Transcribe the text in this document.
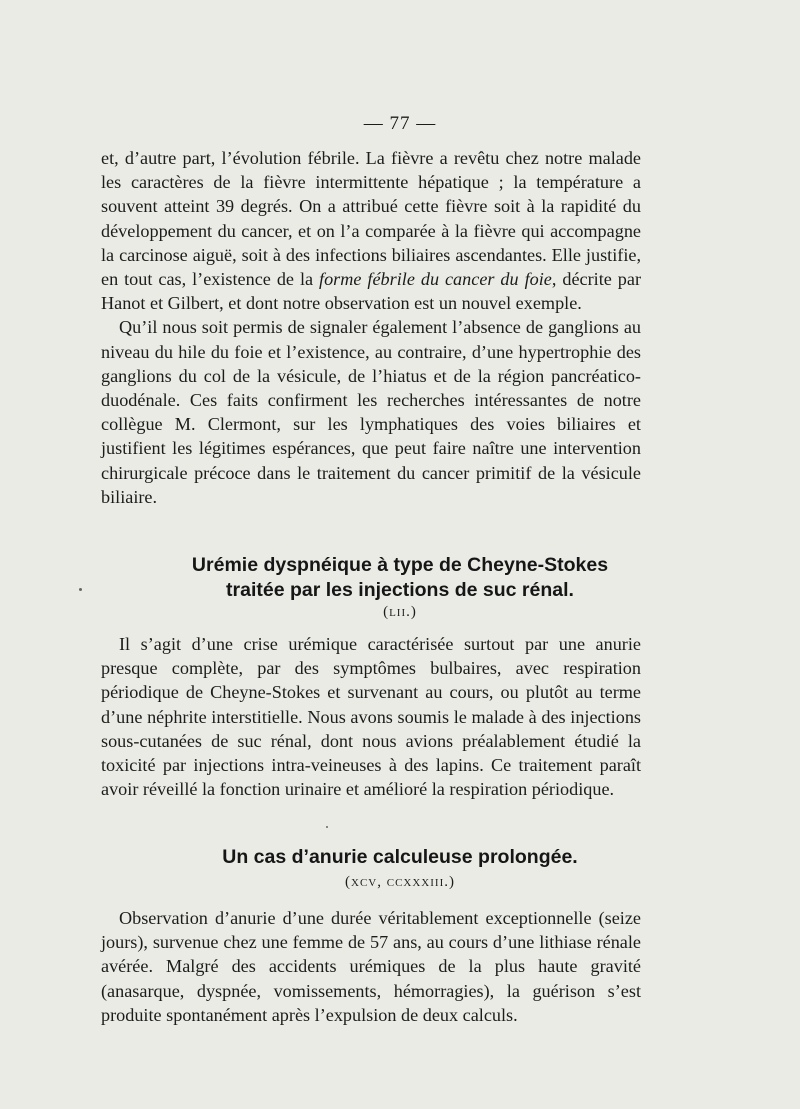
— 77 —

et, d’autre part, l’évolution fébrile. La fièvre a revêtu chez notre malade les caractères de la fièvre intermittente hépatique ; la température a souvent atteint 39 degrés. On a attribué cette fièvre soit à la rapidité du développement du cancer, et on l’a comparée à la fièvre qui accompagne la carcinose aiguë, soit à des infections biliaires ascendantes. Elle justifie, en tout cas, l’existence de la forme fébrile du cancer du foie, décrite par Hanot et Gilbert, et dont notre observation est un nouvel exemple.

Qu’il nous soit permis de signaler également l’absence de ganglions au niveau du hile du foie et l’existence, au contraire, d’une hypertrophie des ganglions du col de la vésicule, de l’hiatus et de la région pancréatico-duodénale. Ces faits confirment les recherches intéressantes de notre collègue M. Clermont, sur les lymphatiques des voies biliaires et justifient les légitimes espérances, que peut faire naître une intervention chirurgicale précoce dans le traitement du cancer primitif de la vésicule biliaire.

Urémie dyspnéique à type de Cheyne-Stokes
traitée par les injections de suc rénal.
(lii.)

Il s’agit d’une crise urémique caractérisée surtout par une anurie presque complète, par des symptômes bulbaires, avec respiration périodique de Cheyne-Stokes et survenant au cours, ou plutôt au terme d’une néphrite interstitielle. Nous avons soumis le malade à des injections sous-cutanées de suc rénal, dont nous avions préalablement étudié la toxicité par injections intra-veineuses à des lapins. Ce traitement paraît avoir réveillé la fonction urinaire et amélioré la respiration périodique.

Un cas d’anurie calculeuse prolongée.
(xcv, ccxxxiii.)

Observation d’anurie d’une durée véritablement exceptionnelle (seize jours), survenue chez une femme de 57 ans, au cours d’une lithiase rénale avérée. Malgré des accidents urémiques de la plus haute gravité (anasarque, dyspnée, vomissements, hémorragies), la guérison s’est produite spontanément après l’expulsion de deux calculs.
